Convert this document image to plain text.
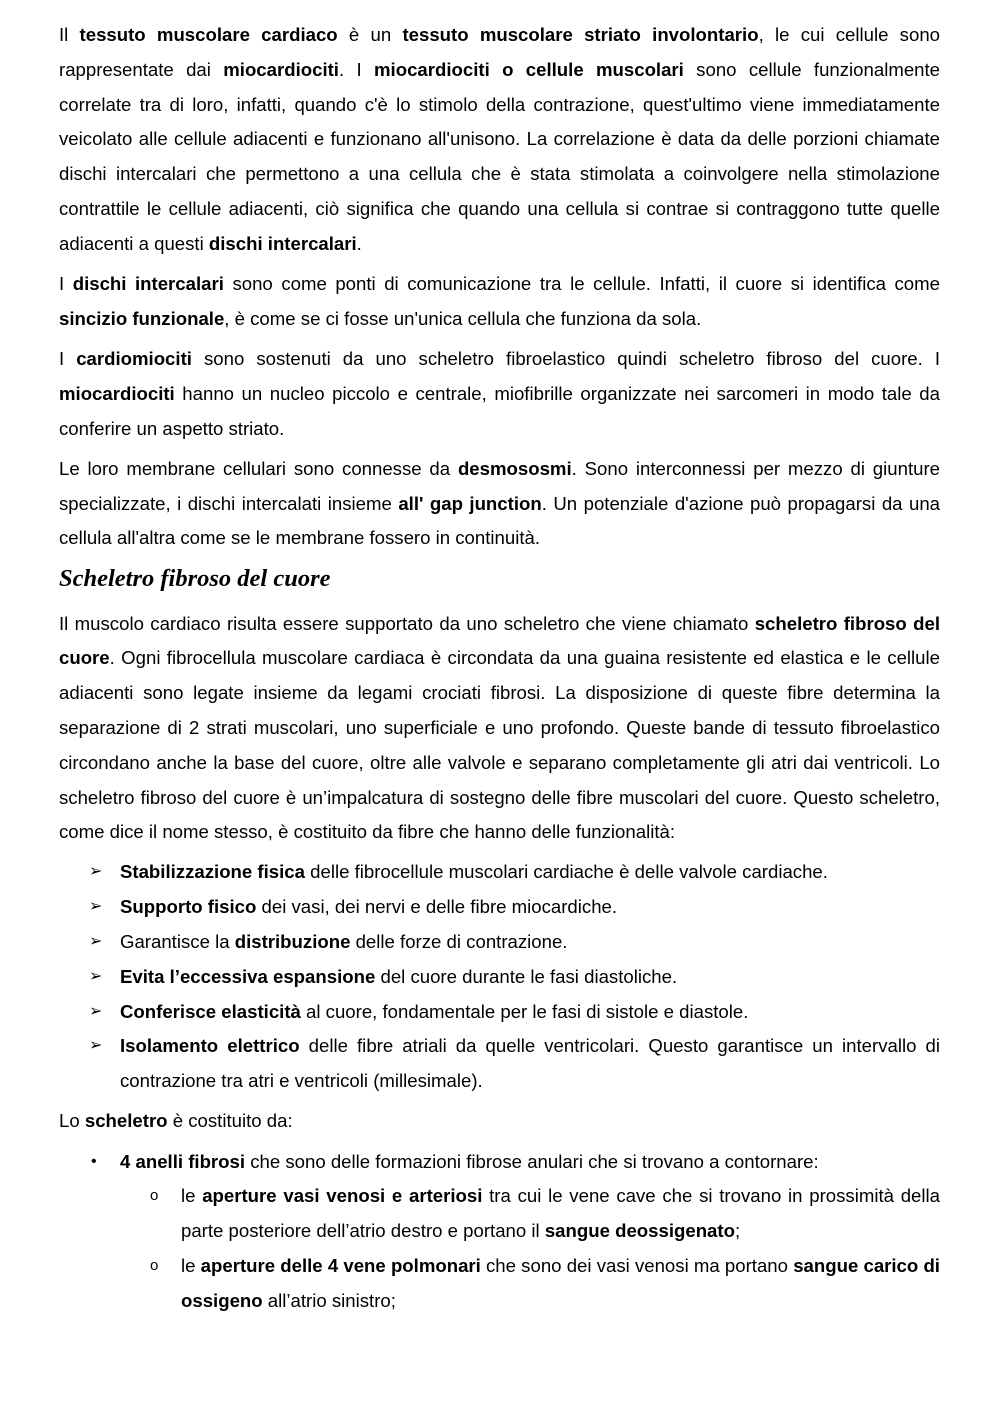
Il tessuto muscolare cardiaco è un tessuto muscolare striato involontario, le cui cellule sono rappresentate dai miocardiociti. I miocardiociti o cellule muscolari sono cellule funzionalmente correlate tra di loro, infatti, quando c'è lo stimolo della contrazione, quest'ultimo viene immediatamente veicolato alle cellule adiacenti e funzionano all'unisono. La correlazione è data da delle porzioni chiamate dischi intercalari che permettono a una cellula che è stata stimolata a coinvolgere nella stimolazione contrattile le cellule adiacenti, ciò significa che quando una cellula si contrae si contraggono tutte quelle adiacenti a questi dischi intercalari.

I dischi intercalari sono come ponti di comunicazione tra le cellule. Infatti, il cuore si identifica come sincizio funzionale, è come se ci fosse un'unica cellula che funziona da sola.

I cardiomiociti sono sostenuti da uno scheletro fibroelastico quindi scheletro fibroso del cuore. I miocardiociti hanno un nucleo piccolo e centrale, miofibrille organizzate nei sarcomeri in modo tale da conferire un aspetto striato.

Le loro membrane cellulari sono connesse da desmososmi. Sono interconnessi per mezzo di giunture specializzate, i dischi intercalati insieme all' gap junction. Un potenziale d'azione può propagarsi da una cellula all'altra come se le membrane fossero in continuità.

Scheletro fibroso del cuore

Il muscolo cardiaco risulta essere supportato da uno scheletro che viene chiamato scheletro fibroso del cuore. Ogni fibrocellula muscolare cardiaca è circondata da una guaina resistente ed elastica e le cellule adiacenti sono legate insieme da legami crociati fibrosi. La disposizione di queste fibre determina la separazione di 2 strati muscolari, uno superficiale e uno profondo. Queste bande di tessuto fibroelastico circondano anche la base del cuore, oltre alle valvole e separano completamente gli atri dai ventricoli. Lo scheletro fibroso del cuore è un’impalcatura di sostegno delle fibre muscolari del cuore. Questo scheletro, come dice il nome stesso, è costituito da fibre che hanno delle funzionalità:

➢ Stabilizzazione fisica delle fibrocellule muscolari cardiache è delle valvole cardiache.
➢ Supporto fisico dei vasi, dei nervi e delle fibre miocardiche.
➢ Garantisce la distribuzione delle forze di contrazione.
➢ Evita l’eccessiva espansione del cuore durante le fasi diastoliche.
➢ Conferisce elasticità al cuore, fondamentale per le fasi di sistole e diastole.
➢ Isolamento elettrico delle fibre atriali da quelle ventricolari. Questo garantisce un intervallo di contrazione tra atri e ventricoli (millesimale).

Lo scheletro è costituito da:

• 4 anelli fibrosi che sono delle formazioni fibrose anulari che si trovano a contornare:
o le aperture vasi venosi e arteriosi tra cui le vene cave che si trovano in prossimità della parte posteriore dell’atrio destro e portano il sangue deossigenato;
o le aperture delle 4 vene polmonari che sono dei vasi venosi ma portano sangue carico di ossigeno all’atrio sinistro;
